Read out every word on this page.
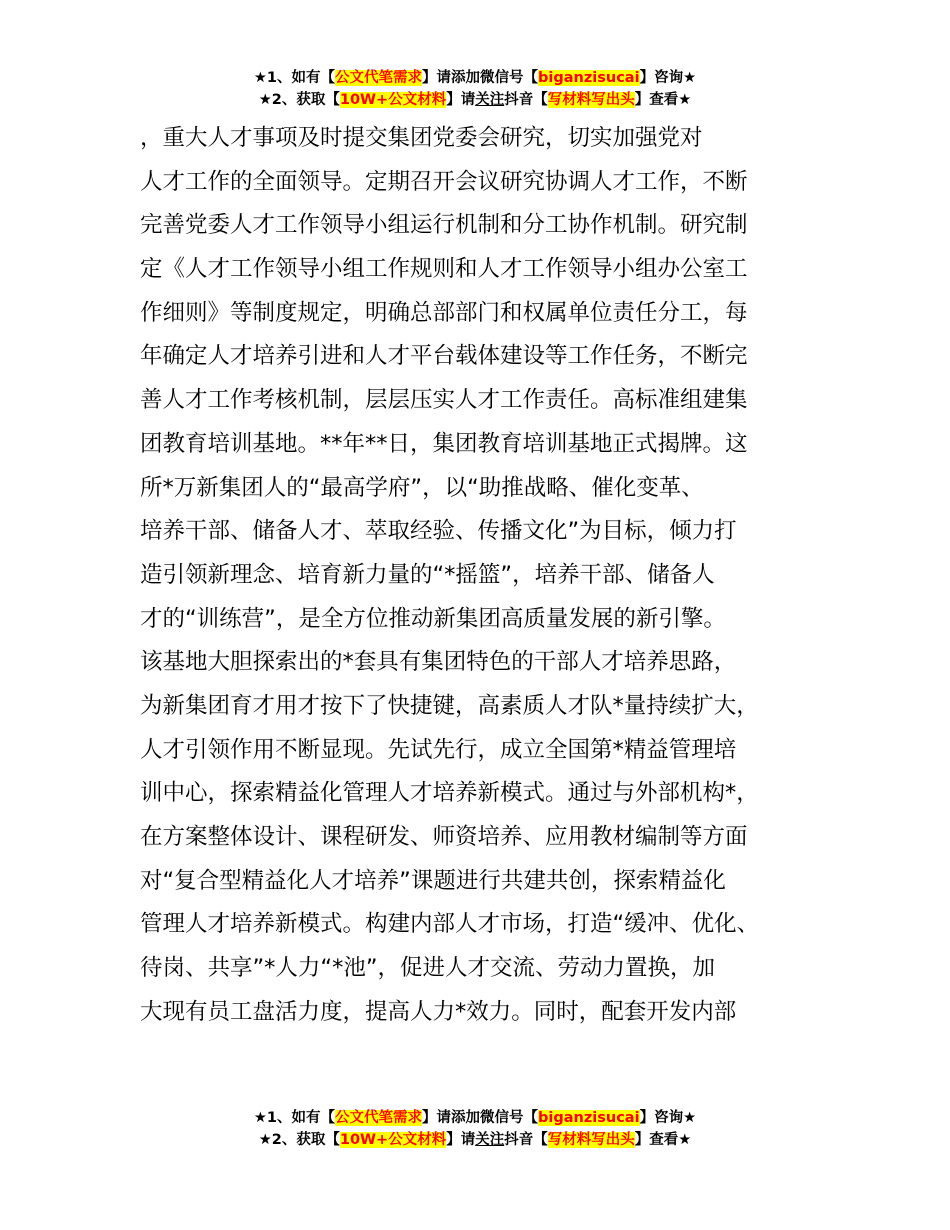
★1、如有【公文代笔需求】请添加微信号【biganzisucai】咨询★
★2、获取【10W+公文材料】请关注抖音【写材料写出头】查看★
，重大人才事项及时提交集团党委会研究，切实加强党对
人才工作的全面领导。定期召开会议研究协调人才工作，不断
完善党委人才工作领导小组运行机制和分工协作机制。研究制
定《人才工作领导小组工作规则和人才工作领导小组办公室工
作细则》等制度规定，明确总部部门和权属单位责任分工，每
年确定人才培养引进和人才平台载体建设等工作任务，不断完
善人才工作考核机制，层层压实人才工作责任。高标准组建集
团教育培训基地。**年**日，集团教育培训基地正式揭牌。这
所*万新集团人的“最高学府”，以“助推战略、催化变革、
培养干部、储备人才、萃取经验、传播文化”为目标，倾力打
造引领新理念、培育新力量的“*摇篮”，培养干部、储备人
才的“训练营”，是全方位推动新集团高质量发展的新引擎。
该基地大胆探索出的*套具有集团特色的干部人才培养思路，
为新集团育才用才按下了快捷键，高素质人才队*量持续扩大，
人才引领作用不断显现。先试先行，成立全国第*精益管理培
训中心，探索精益化管理人才培养新模式。通过与外部机构*，
在方案整体设计、课程研发、师资培养、应用教材编制等方面
对“复合型精益化人才培养”课题进行共建共创，探索精益化
管理人才培养新模式。构建内部人才市场，打造“缓冲、优化、
待岗、共享”*人力“*池”，促进人才交流、劳动力置换，加
大现有员工盘活力度，提高人力*效力。同时，配套开发内部
★1、如有【公文代笔需求】请添加微信号【biganzisucai】咨询★
★2、获取【10W+公文材料】请关注抖音【写材料写出头】查看★
